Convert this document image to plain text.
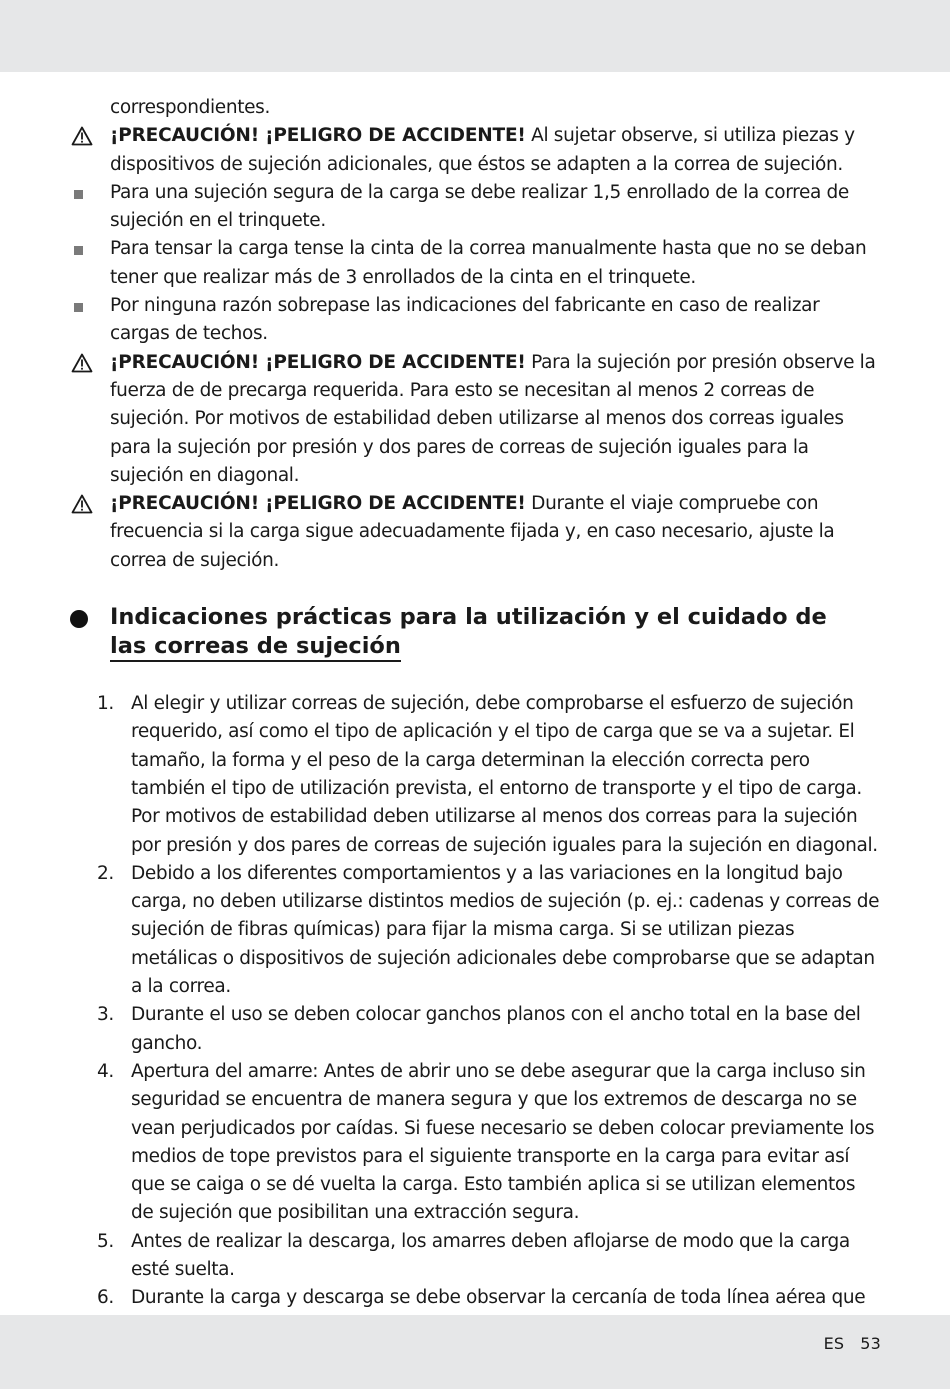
correspondientes.
¡PRECAUCIÓN! ¡PELIGRO DE ACCIDENTE! Al sujetar observe, si utiliza piezas y dispositivos de sujeción adicionales, que éstos se adapten a la correa de sujeción.
Para una sujeción segura de la carga se debe realizar 1,5 enrollado de la correa de sujeción en el trinquete.
Para tensar la carga tense la cinta de la correa manualmente hasta que no se deban tener que realizar más de 3 enrollados de la cinta en el trinquete.
Por ninguna razón sobrepase las indicaciones del fabricante en caso de realizar cargas de techos.
¡PRECAUCIÓN! ¡PELIGRO DE ACCIDENTE! Para la sujeción por presión observe la fuerza de de precarga requerida. Para esto se necesitan al menos 2 correas de sujeción. Por motivos de estabilidad deben utilizarse al menos dos correas iguales para la sujeción por presión y dos pares de correas de sujeción iguales para la sujeción en diagonal.
¡PRECAUCIÓN! ¡PELIGRO DE ACCIDENTE! Durante el viaje compruebe con frecuencia si la carga sigue adecuadamente fijada y, en caso necesario, ajuste la correa de sujeción.
Indicaciones prácticas para la utilización y el cuidado de
las correas de sujeción
1. Al elegir y utilizar correas de sujeción, debe comprobarse el esfuerzo de sujeción requerido, así como el tipo de aplicación y el tipo de carga que se va a sujetar. El tamaño, la forma y el peso de la carga determinan la elección correcta pero también el tipo de utilización prevista, el entorno de transporte y el tipo de carga. Por motivos de estabilidad deben utilizarse al menos dos correas para la sujeción por presión y dos pares de correas de sujeción iguales para la sujeción en diagonal.
2. Debido a los diferentes comportamientos y a las variaciones en la longitud bajo carga, no deben utilizarse distintos medios de sujeción (p. ej.: cadenas y correas de sujeción de fibras químicas) para fijar la misma carga. Si se utilizan piezas metálicas o dispositivos de sujeción adicionales debe comprobarse que se adaptan a la correa.
3. Durante el uso se deben colocar ganchos planos con el ancho total en la base del gancho.
4. Apertura del amarre: Antes de abrir uno se debe asegurar que la carga incluso sin seguridad se encuentra de manera segura y que los extremos de descarga no se vean perjudicados por caídas. Si fuese necesario se deben colocar previamente los medios de tope previstos para el siguiente transporte en la carga para evitar así que se caiga o se dé vuelta la carga. Esto también aplica si se utilizan elementos de sujeción que posibilitan una extracción segura.
5. Antes de realizar la descarga, los amarres deben aflojarse de modo que la carga esté suelta.
6. Durante la carga y descarga se debe observar la cercanía de toda línea aérea que
ES 53
